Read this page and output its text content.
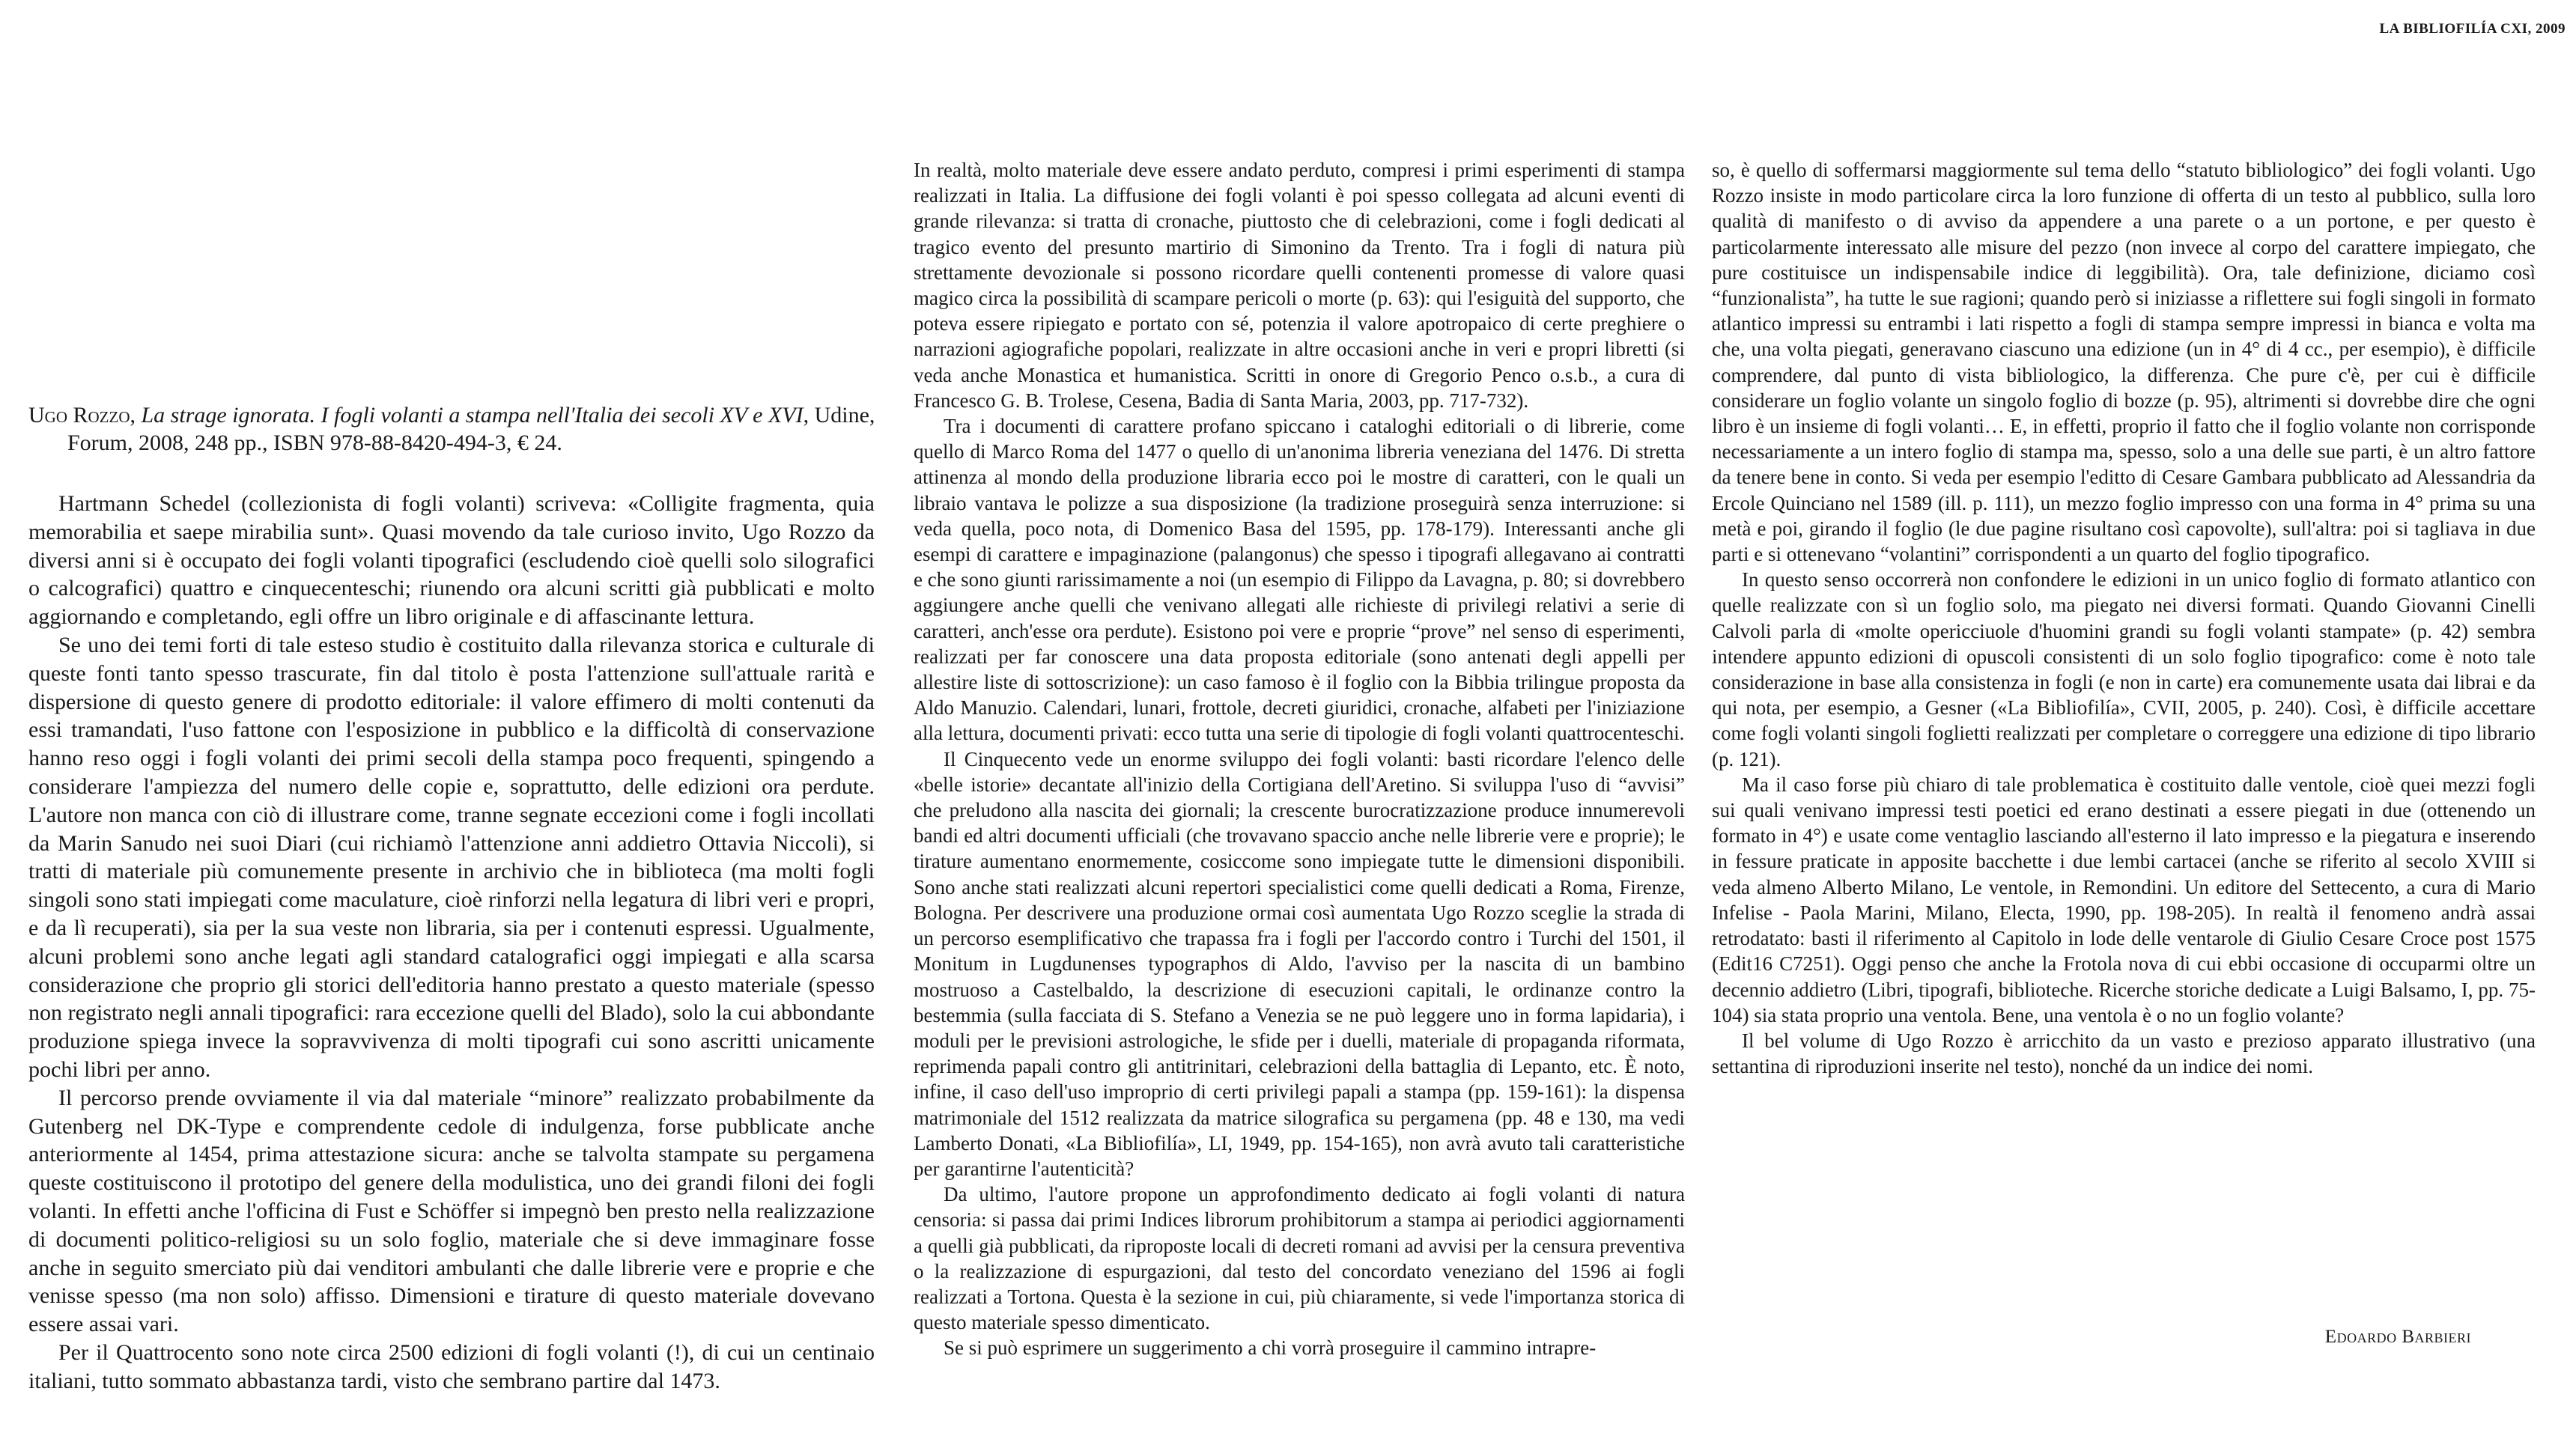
LA BIBLIOFILÍA CXI, 2009
Ugo Rozzo, La strage ignorata. I fogli volanti a stampa nell'Italia dei secoli XV e XVI, Udine, Forum, 2008, 248 pp., ISBN 978-88-8420-494-3, € 24.

Hartmann Schedel (collezionista di fogli volanti) scriveva: «Colligite fragmenta, quia memorabilia et saepe mirabilia sunt». Quasi movendo da tale curioso invito, Ugo Rozzo da diversi anni si è occupato dei fogli volanti tipografici (escludendo cioè quelli solo silografici o calcografici) quattro e cinquecenteschi; riunendo ora alcuni scritti già pubblicati e molto aggiornando e completando, egli offre un libro originale e di affascinante lettura.

Se uno dei temi forti di tale esteso studio è costituito dalla rilevanza storica e culturale di queste fonti tanto spesso trascurate, fin dal titolo è posta l'attenzione sull'attuale rarità e dispersione di questo genere di prodotto editoriale: il valore effimero di molti contenuti da essi tramandati, l'uso fattone con l'esposizione in pubblico e la difficoltà di conservazione hanno reso oggi i fogli volanti dei primi secoli della stampa poco frequenti, spingendo a considerare l'ampiezza del numero delle copie e, soprattutto, delle edizioni ora perdute. L'autore non manca con ciò di illustrare come, tranne segnate eccezioni come i fogli incollati da Marin Sanudo nei suoi Diari (cui richiamò l'attenzione anni addietro Ottavia Niccoli), si tratti di materiale più comunemente presente in archivio che in biblioteca (ma molti fogli singoli sono stati impiegati come maculature, cioè rinforzi nella legatura di libri veri e propri, e da lì recuperati), sia per la sua veste non libraria, sia per i contenuti espressi. Ugualmente, alcuni problemi sono anche legati agli standard catalografici oggi impiegati e alla scarsa considerazione che proprio gli storici dell'editoria hanno prestato a questo materiale (spesso non registrato negli annali tipografici: rara eccezione quelli del Blado), solo la cui abbondante produzione spiega invece la sopravvivenza di molti tipografi cui sono ascritti unicamente pochi libri per anno.

Il percorso prende ovviamente il via dal materiale “minore” realizzato probabilmente da Gutenberg nel DK-Type e comprendente cedole di indulgenza, forse pubblicate anche anteriormente al 1454, prima attestazione sicura: anche se talvolta stampate su pergamena queste costituiscono il prototipo del genere della modulistica, uno dei grandi filoni dei fogli volanti. In effetti anche l'officina di Fust e Schöffer si impegnò ben presto nella realizzazione di documenti politico-religiosi su un solo foglio, materiale che si deve immaginare fosse anche in seguito smerciato più dai venditori ambulanti che dalle librerie vere e proprie e che venisse spesso (ma non solo) affisso. Dimensioni e tirature di questo materiale dovevano essere assai vari.

Per il Quattrocento sono note circa 2500 edizioni di fogli volanti (!), di cui un centinaio italiani, tutto sommato abbastanza tardi, visto che sembrano partire dal 1473.

In realtà, molto materiale deve essere andato perduto, compresi i primi esperimenti di stampa realizzati in Italia. La diffusione dei fogli volanti è poi spesso collegata ad alcuni eventi di grande rilevanza: si tratta di cronache, piuttosto che di celebrazioni, come i fogli dedicati al tragico evento del presunto martirio di Simonino da Trento. Tra i fogli di natura più strettamente devozionale si possono ricordare quelli contenenti promesse di valore quasi magico circa la possibilità di scampare pericoli o morte (p. 63): qui l'esiguità del supporto, che poteva essere ripiegato e portato con sé, potenzia il valore apotropaico di certe preghiere o narrazioni agiografiche popolari, realizzate in altre occasioni anche in veri e propri libretti (si veda anche Monastica et humanistica. Scritti in onore di Gregorio Penco o.s.b., a cura di Francesco G. B. Trolese, Cesena, Badia di Santa Maria, 2003, pp. 717-732).

Tra i documenti di carattere profano spiccano i cataloghi editoriali o di librerie, come quello di Marco Roma del 1477 o quello di un'anonima libreria veneziana del 1476. Di stretta attinenza al mondo della produzione libraria ecco poi le mostre di caratteri, con le quali un libraio vantava le polizze a sua disposizione (la tradizione proseguirà senza interruzione: si veda quella, poco nota, di Domenico Basa del 1595, pp. 178-179). Interessanti anche gli esempi di carattere e impaginazione (palangonus) che spesso i tipografi allegavano ai contratti e che sono giunti rarissimamente a noi (un esempio di Filippo da Lavagna, p. 80; si dovrebbero aggiungere anche quelli che venivano allegati alle richieste di privilegi relativi a serie di caratteri, anch'esse ora perdute). Esistono poi vere e proprie “prove” nel senso di esperimenti, realizzati per far conoscere una data proposta editoriale (sono antenati degli appelli per allestire liste di sottoscrizione): un caso famoso è il foglio con la Bibbia trilingue proposta da Aldo Manuzio. Calendari, lunari, frottole, decreti giuridici, cronache, alfabeti per l'iniziazione alla lettura, documenti privati: ecco tutta una serie di tipologie di fogli volanti quattrocenteschi.

Il Cinquecento vede un enorme sviluppo dei fogli volanti: basti ricordare l'elenco delle «belle istorie» decantate all'inizio della Cortigiana dell'Aretino. Si sviluppa l'uso di “avvisi” che preludono alla nascita dei giornali; la crescente burocratizzazione produce innumerevoli bandi ed altri documenti ufficiali (che trovavano spaccio anche nelle librerie vere e proprie); le tirature aumentano enormemente, cosiccome sono impiegate tutte le dimensioni disponibili. Sono anche stati realizzati alcuni repertori specialistici come quelli dedicati a Roma, Firenze, Bologna. Per descrivere una produzione ormai così aumentata Ugo Rozzo sceglie la strada di un percorso esemplificativo che trapassa fra i fogli per l'accordo contro i Turchi del 1501, il Monitum in Lugdunenses typographos di Aldo, l'avviso per la nascita di un bambino mostruoso a Castelbaldo, la descrizione di esecuzioni capitali, le ordinanze contro la bestemmia (sulla facciata di S. Stefano a Venezia se ne può leggere uno in forma lapidaria), i moduli per le previsioni astrologiche, le sfide per i duelli, materiale di propaganda riformata, reprimenda papali contro gli antitrinitari, celebrazioni della battaglia di Lepanto, etc. È noto, infine, il caso dell'uso improprio di certi privilegi papali a stampa (pp. 159-161): la dispensa matrimoniale del 1512 realizzata da matrice silografica su pergamena (pp. 48 e 130, ma vedi Lamberto Donati, «La Bibliofilía», LI, 1949, pp. 154-165), non avrà avuto tali caratteristiche per garantirne l'autenticità?

Da ultimo, l'autore propone un approfondimento dedicato ai fogli volanti di natura censoria: si passa dai primi Indices librorum prohibitorum a stampa ai periodici aggiornamenti a quelli già pubblicati, da riproposte locali di decreti romani ad avvisi per la censura preventiva o la realizzazione di espurgazioni, dal testo del concordato veneziano del 1596 ai fogli realizzati a Tortona. Questa è la sezione in cui, più chiaramente, si vede l'importanza storica di questo materiale spesso dimenticato.

Se si può esprimere un suggerimento a chi vorrà proseguire il cammino intrapre-

so, è quello di soffermarsi maggiormente sul tema dello “statuto bibliologico” dei fogli volanti. Ugo Rozzo insiste in modo particolare circa la loro funzione di offerta di un testo al pubblico, sulla loro qualità di manifesto o di avviso da appendere a una parete o a un portone, e per questo è particolarmente interessato alle misure del pezzo (non invece al corpo del carattere impiegato, che pure costituisce un indispensabile indice di leggibilità). Ora, tale definizione, diciamo così “funzionalista”, ha tutte le sue ragioni; quando però si iniziasse a riflettere sui fogli singoli in formato atlantico impressi su entrambi i lati rispetto a fogli di stampa sempre impressi in bianca e volta ma che, una volta piegati, generavano ciascuno una edizione (un in 4° di 4 cc., per esempio), è difficile comprendere, dal punto di vista bibliologico, la differenza. Che pure c'è, per cui è difficile considerare un foglio volante un singolo foglio di bozze (p. 95), altrimenti si dovrebbe dire che ogni libro è un insieme di fogli volanti… E, in effetti, proprio il fatto che il foglio volante non corrisponde necessariamente a un intero foglio di stampa ma, spesso, solo a una delle sue parti, è un altro fattore da tenere bene in conto. Si veda per esempio l'editto di Cesare Gambara pubblicato ad Alessandria da Ercole Quinciano nel 1589 (ill. p. 111), un mezzo foglio impresso con una forma in 4° prima su una metà e poi, girando il foglio (le due pagine risultano così capovolte), sull'altra: poi si tagliava in due parti e si ottenevano “volantini” corrispondenti a un quarto del foglio tipografico.

In questo senso occorrerà non confondere le edizioni in un unico foglio di formato atlantico con quelle realizzate con sì un foglio solo, ma piegato nei diversi formati. Quando Giovanni Cinelli Calvoli parla di «molte opericciuole d'huomini grandi su fogli volanti stampate» (p. 42) sembra intendere appunto edizioni di opuscoli consistenti di un solo foglio tipografico: come è noto tale considerazione in base alla consistenza in fogli (e non in carte) era comunemente usata dai librai e da qui nota, per esempio, a Gesner («La Bibliofilía», CVII, 2005, p. 240). Così, è difficile accettare come fogli volanti singoli foglietti realizzati per completare o correggere una edizione di tipo librario (p. 121).

Ma il caso forse più chiaro di tale problematica è costituito dalle ventole, cioè quei mezzi fogli sui quali venivano impressi testi poetici ed erano destinati a essere piegati in due (ottenendo un formato in 4°) e usate come ventaglio lasciando all'esterno il lato impresso e la piegatura e inserendo in fessure praticate in apposite bacchette i due lembi cartacei (anche se riferito al secolo XVIII si veda almeno Alberto Milano, Le ventole, in Remondini. Un editore del Settecento, a cura di Mario Infelise - Paola Marini, Milano, Electa, 1990, pp. 198-205). In realtà il fenomeno andrà assai retrodatato: basti il riferimento al Capitolo in lode delle ventarole di Giulio Cesare Croce post 1575 (Edit16 C7251). Oggi penso che anche la Frotola nova di cui ebbi occasione di occuparmi oltre un decennio addietro (Libri, tipografi, biblioteche. Ricerche storiche dedicate a Luigi Balsamo, I, pp. 75-104) sia stata proprio una ventola. Bene, una ventola è o no un foglio volante?

Il bel volume di Ugo Rozzo è arricchito da un vasto e prezioso apparato illustrativo (una settantina di riproduzioni inserite nel testo), nonché da un indice dei nomi.

Edoardo Barbieri
